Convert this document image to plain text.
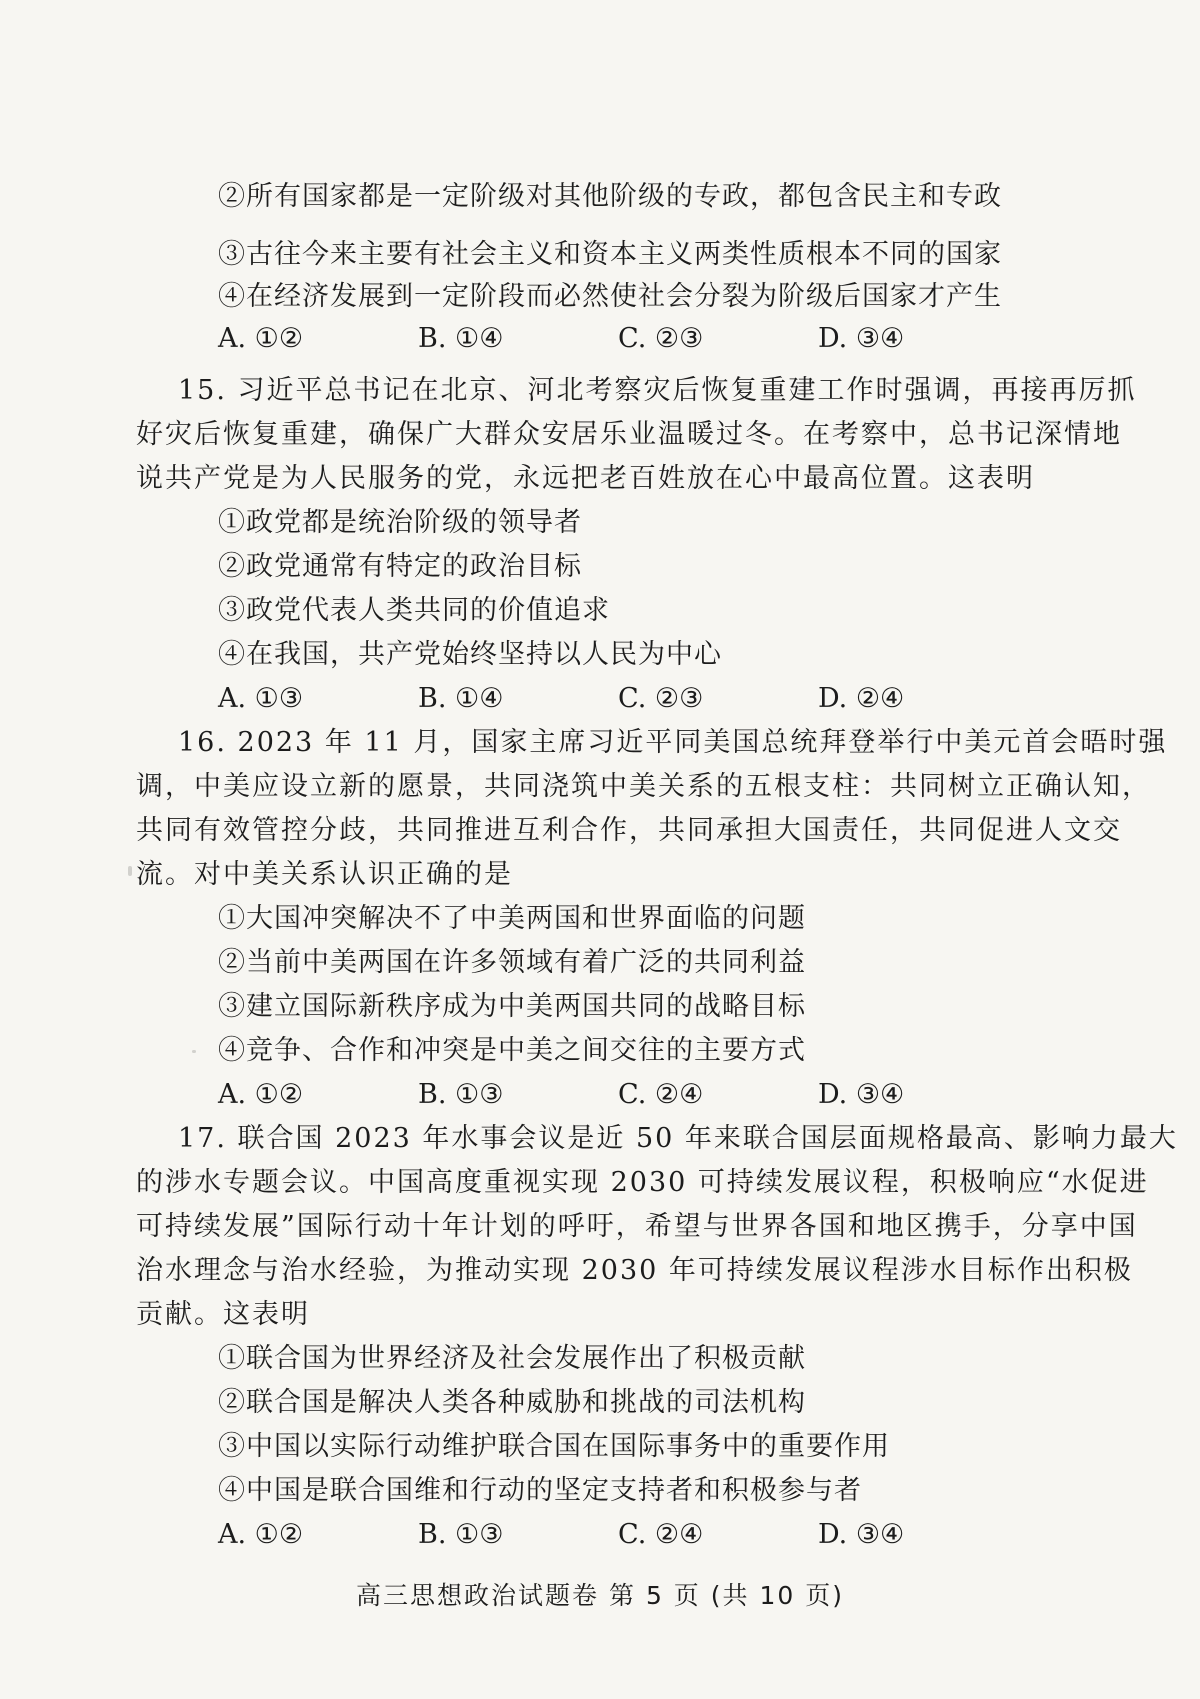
②所有国家都是一定阶级对其他阶级的专政，都包含民主和专政
③古往今来主要有社会主义和资本主义两类性质根本不同的国家
④在经济发展到一定阶段而必然使社会分裂为阶级后国家才产生
A. ①②	B. ①④	C. ②③	D. ③④
15. 习近平总书记在北京、河北考察灾后恢复重建工作时强调，再接再厉抓
好灾后恢复重建，确保广大群众安居乐业温暖过冬。在考察中，总书记深情地
说共产党是为人民服务的党，永远把老百姓放在心中最高位置。这表明
①政党都是统治阶级的领导者
②政党通常有特定的政治目标
③政党代表人类共同的价值追求
④在我国，共产党始终坚持以人民为中心
A. ①③	B. ①④	C. ②③	D. ②④
16. 2023 年 11 月，国家主席习近平同美国总统拜登举行中美元首会晤时强
调，中美应设立新的愿景，共同浇筑中美关系的五根支柱：共同树立正确认知，
共同有效管控分歧，共同推进互利合作，共同承担大国责任，共同促进人文交
流。对中美关系认识正确的是
①大国冲突解决不了中美两国和世界面临的问题
②当前中美两国在许多领域有着广泛的共同利益
③建立国际新秩序成为中美两国共同的战略目标
④竞争、合作和冲突是中美之间交往的主要方式
A. ①②	B. ①③	C. ②④	D. ③④
17. 联合国 2023 年水事会议是近 50 年来联合国层面规格最高、影响力最大
的涉水专题会议。中国高度重视实现 2030 可持续发展议程，积极响应“水促进
可持续发展”国际行动十年计划的呼吁，希望与世界各国和地区携手，分享中国
治水理念与治水经验，为推动实现 2030 年可持续发展议程涉水目标作出积极
贡献。这表明
①联合国为世界经济及社会发展作出了积极贡献
②联合国是解决人类各种威胁和挑战的司法机构
③中国以实际行动维护联合国在国际事务中的重要作用
④中国是联合国维和行动的坚定支持者和积极参与者
A. ①②	B. ①③	C. ②④	D. ③④
高三思想政治试题卷 第 5 页 (共 10 页)
